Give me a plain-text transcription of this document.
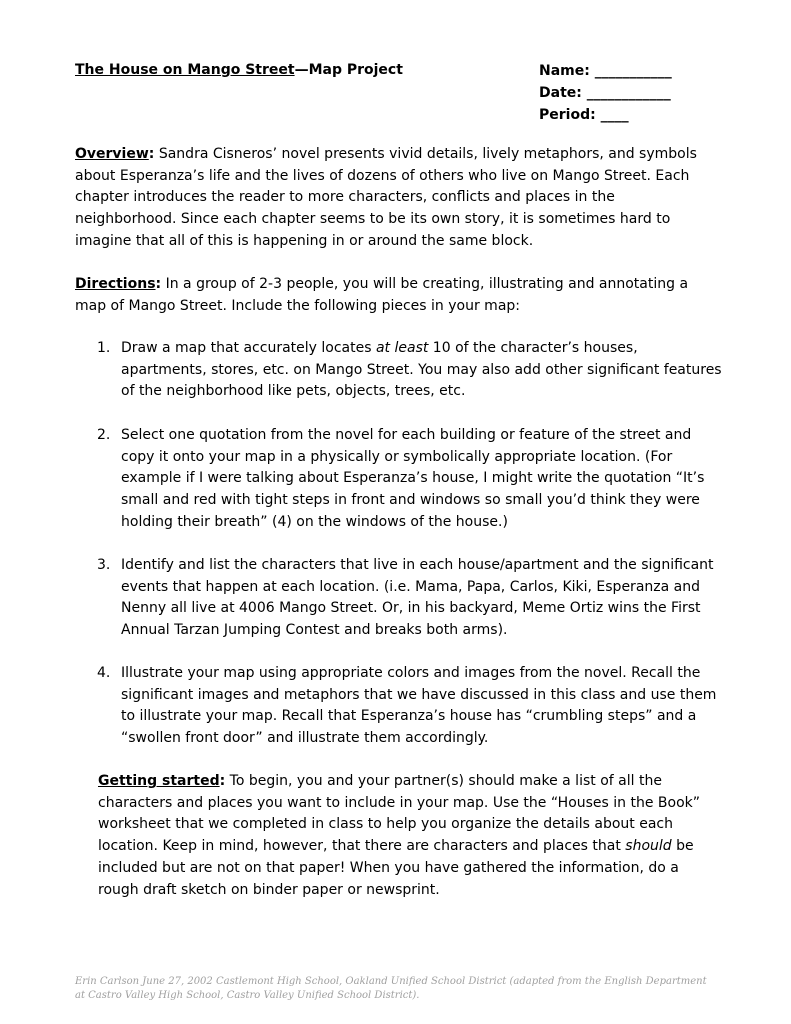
The House on Mango Street—Map Project	Name: ___________
Date: ____________
Period: ____
Overview: Sandra Cisneros’ novel presents vivid details, lively metaphors, and symbols about Esperanza’s life and the lives of dozens of others who live on Mango Street. Each chapter introduces the reader to more characters, conflicts and places in the neighborhood. Since each chapter seems to be its own story, it is sometimes hard to imagine that all of this is happening in or around the same block.
Directions: In a group of 2-3 people, you will be creating, illustrating and annotating a map of Mango Street. Include the following pieces in your map:
1. Draw a map that accurately locates at least 10 of the character’s houses, apartments, stores, etc. on Mango Street. You may also add other significant features of the neighborhood like pets, objects, trees, etc.
2. Select one quotation from the novel for each building or feature of the street and copy it onto your map in a physically or symbolically appropriate location. (For example if I were talking about Esperanza’s house, I might write the quotation “It’s small and red with tight steps in front and windows so small you’d think they were holding their breath” (4) on the windows of the house.)
3. Identify and list the characters that live in each house/apartment and the significant events that happen at each location. (i.e. Mama, Papa, Carlos, Kiki, Esperanza and Nenny all live at 4006 Mango Street. Or, in his backyard, Meme Ortiz wins the First Annual Tarzan Jumping Contest and breaks both arms).
4. Illustrate your map using appropriate colors and images from the novel. Recall the significant images and metaphors that we have discussed in this class and use them to illustrate your map. Recall that Esperanza’s house has “crumbling steps” and a “swollen front door” and illustrate them accordingly.
Getting started: To begin, you and your partner(s) should make a list of all the characters and places you want to include in your map. Use the “Houses in the Book” worksheet that we completed in class to help you organize the details about each location. Keep in mind, however, that there are characters and places that should be included but are not on that paper! When you have gathered the information, do a rough draft sketch on binder paper or newsprint.
Erin Carlson June 27, 2002 Castlemont High School, Oakland Unified School District (adapted from the English Department at Castro Valley High School, Castro Valley Unified School District).
